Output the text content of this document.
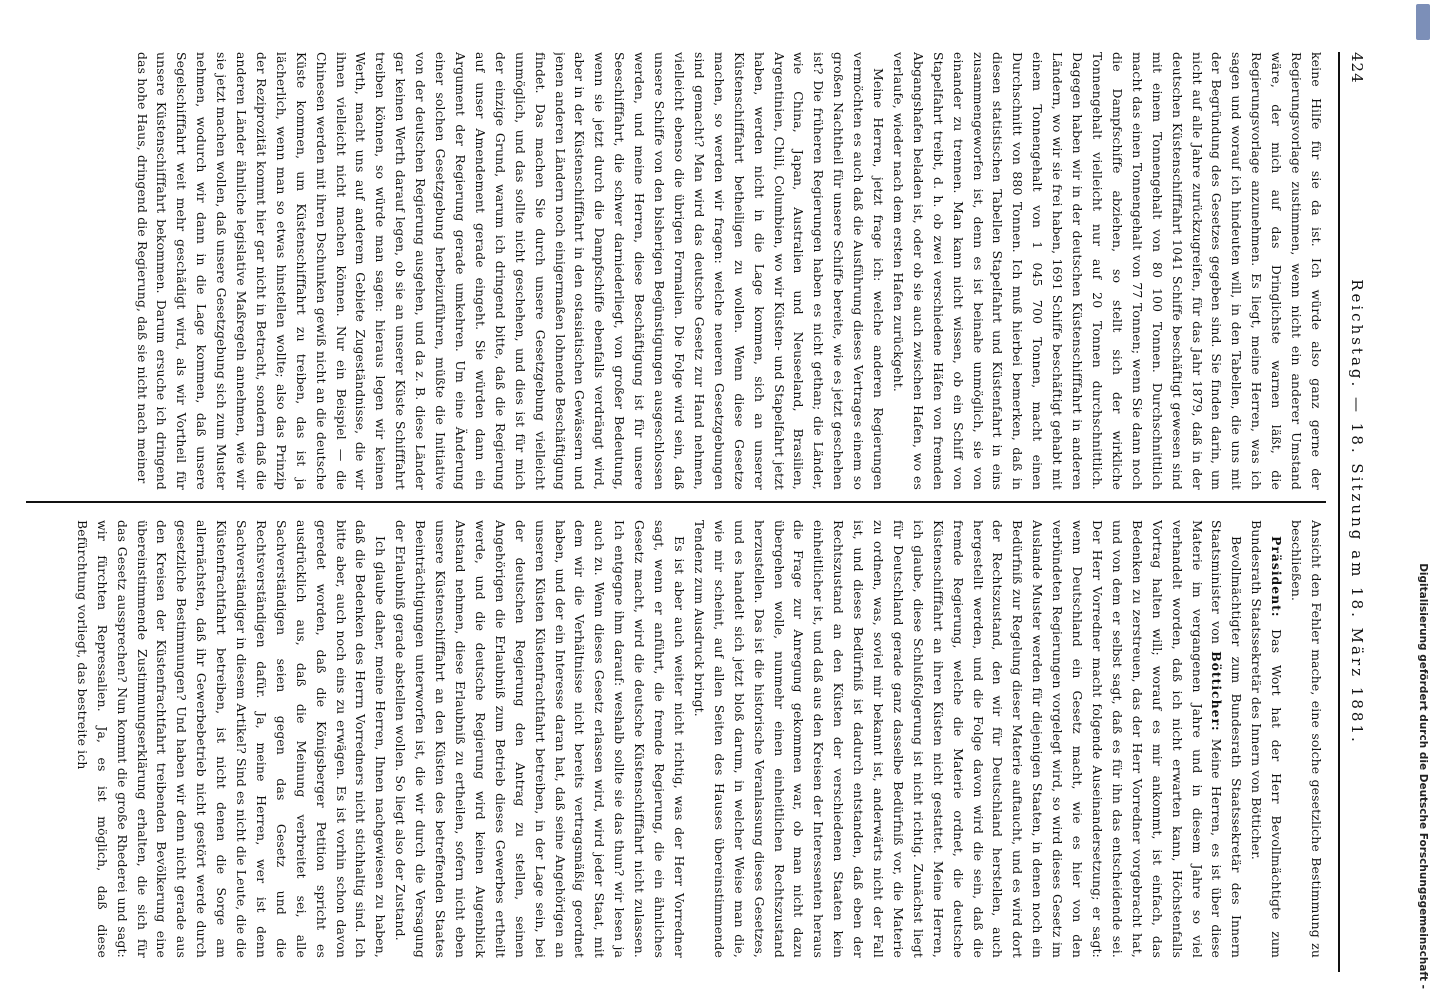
424
Reichstag. — 18. Sitzung am 18. März 1881.

keine Hilfe für sie da ist. Ich würde also ganz gerne der Regierungsvorlage zustimmen, wenn nicht ein anderer Umstand wäre, der mich auf das Dringlichste warnen läßt, die Regierungsvorlage anzunehmen. Es liegt, meine Herren, was ich sagen und worauf ich hindeuten will, in den Tabellen, die uns mit der Begründung des Gesetzes gegeben sind. Sie finden darin, um nicht auf alle Jahre zurückzugreifen, für das Jahr 1879, daß in der deutschen Küstenschifffahrt 1041 Schiffe beschäftigt gewesen sind mit einem Tonnengehalt von 80 100 Tonnen. Durchschnittlich macht das einen Tonnengehalt von 77 Tonnen; wenn Sie dann noch die Dampfschiffe abziehen, so stellt sich der wirkliche Tonnengehalt vielleicht nur auf 20 Tonnen durchschnittlich. Dagegen haben wir in der deutschen Küstenschifffahrt in anderen Ländern, wo wir sie frei haben, 1691 Schiffe beschäftigt gehabt mit einem Tonnengehalt von 1 045 700 Tonnen, macht einen Durchschnitt von 880 Tonnen. Ich muß hierbei bemerken, daß in diesen statistischen Tabellen Stapelfahrt und Küstenfahrt in eins zusammengeworfen ist, denn es ist beinahe unmöglich, sie von einander zu trennen. Man kann nicht wissen, ob ein Schiff von Stapelfahrt treibt, d. h. ob zwei verschiedene Häfen von fremden Abgangshafen beladen ist, oder ob sie auch zwischen Hafen, wo es verlaufe, wieder nach dem ersten Hafen zurückgeht.

Meine Herren, jetzt frage ich: welche anderen Regierungen vermöchten es auch daß die Ausführung dieses Vertrages einem so großen Nachtheil für unsere Schiffe bereite, wie es jetzt geschehen ist? Die früheren Regierungen haben es nicht gethan; die Länder, wie China, Japan, Australien und Neuseeland, Brasilien, Argentinien, Chili, Columbien, wo wir Küsten- und Stapelfahrt jetzt haben, werden nicht in die Lage kommen, sich an unserer Küstenschifffahrt betheiligen zu wollen. Wenn diese Gesetze machen, so werden wir fragen: welche neueren Gesetzgebungen sind gemacht? Man wird das deutsche Gesetz zur Hand nehmen, vielleicht ebenso die übrigen Formalien. Die Folge wird sein, daß unsere Schiffe von den bisherigen Begünstigungen ausgeschlossen werden, und meine Herren, diese Beschäftigung ist für unsere Seeschifffahrt, die schwer darniederliegt, von großer Bedeutung, wenn sie jetzt durch die Dampfschiffe ebenfalls verdrängt wird, aber in der Küstenschifffahrt in den ostasiatischen Gewässern und jenen anderen Ländern noch einigermaßen lohnende Beschäftigung findet. Das machen Sie durch unsere Gesetzgebung vielleicht unmöglich, und das sollte nicht geschehen, und dies ist für mich der einzige Grund, warum ich dringend bitte, daß die Regierung auf unser Amendement gerade eingeht. Sie würden dann ein Argument der Regierung gerade umkehren. Um eine Änderung einer solchen Gesetzgebung herbeizuführen, müßte die Initiative von der deutschen Regierung ausgehen, und da z. B. diese Länder gar keinen Werth darauf legen, ob sie an unserer Küste Schifffahrt treiben können, so würde man sagen: hieraus legen wir keinen Werth, macht uns auf anderem Gebiete Zugeständnisse, die wir ihnen vielleicht nicht machen können. Nur ein Beispiel — die Chinesen werden mit ihren Dschunken gewiß nicht an die deutsche Küste kommen, um Küstenschifffahrt zu treiben, das ist ja lächerlich, wenn man so etwas hinstellen wollte; also das Prinzip der Reziprozität kommt hier gar nicht in Betracht, sondern daß die anderen Länder ähnliche legislative Maßregeln annehmen, wie wir sie jetzt machen wollen, daß unsere Gesetzgebung sich zum Muster nehmen, wodurch wir dann in die Lage kommen, daß unsere Segelschifffahrt weit mehr geschädigt wird, als wir Vortheil für unsere Küstenschifffahrt bekommen. Darum ersuche ich dringend das hohe Haus, dringend die Regierung, daß sie nicht nach meiner

Ansicht den Fehler mache, eine solche gesetzliche Bestimmung zu beschließen.

Präsident: Das Wort hat der Herr Bevollmächtigte zum Bundesrath Staatssekretär des Innern von Bötticher.

Bevollmächtigter zum Bundesrath Staatssekretär des Innern Staatsminister von Bötticher: Meine Herren, es ist über diese Materie im vergangenen Jahre und in diesem Jahre so viel verhandelt worden, daß ich nicht erwarten kann, Höchstenfalls Vortrag halten will; worauf es mir ankommt, ist einfach, das Bedenken zu zerstreuen, das der Herr Vorredner vorgebracht hat, und von dem er selbst sagt, daß es für ihn das entscheidende sei. Der Herr Vorredner macht folgende Auseinandersetzung; er sagt: wenn Deutschland ein Gesetz macht, wie es hier von den verbündeten Regierungen vorgelegt wird, so wird dieses Gesetz im Auslande Muster werden für diejenigen Staaten, in denen noch ein Bedürfniß zur Regelung dieser Materie auftaucht, und es wird dort der Rechtszustand, den wir für Deutschland herstellen, auch hergestellt werden, und die Folge davon wird die sein, daß die fremde Regierung, welche die Materie ordnet, die deutsche Küstenschifffahrt an ihren Küsten nicht gestattet. Meine Herren, ich glaube, diese Schlußfolgerung ist nicht richtig. Zunächst liegt für Deutschland gerade ganz dasselbe Bedürfniß vor, die Materie zu ordnen, was, soviel mir bekannt ist, anderwärts nicht der Fall ist, und dieses Bedürfniß ist dadurch entstanden, daß eben der Rechtszustand an den Küsten der verschiedenen Staaten kein einheitlicher ist, und daß aus den Kreisen der Interessenten heraus die Frage zur Anregung gekommen war, ob man nicht dazu übergehen wolle, nunmehr einen einheitlichen Rechtszustand herzustellen. Das ist die historische Veranlassung dieses Gesetzes, und es handelt sich jetzt bloß darum, in welcher Weise man die, wie mir scheint, auf allen Seiten des Hauses übereinstimmende Tendenz zum Ausdruck bringt.

Es ist aber auch weiter nicht richtig, was der Herr Vorredner sagt, wenn er anführt, die fremde Regierung, die ein ähnliches Gesetz macht, wird die deutsche Küstenschifffahrt nicht zulassen. Ich entgegne ihm darauf: weshalb sollte sie das thun? wir lesen ja auch zu. Wenn dieses Gesetz erlassen wird, wird jeder Staat, mit dem wir die Verhältnisse nicht bereits vertragsmäßig geordnet haben, und der ein Interesse daran hat, daß seine Angehörigen an unseren Küsten Küstenfrachtfahrt betreiben, in der Lage sein, bei der deutschen Regierung den Antrag zu stellen, seinen Angehörigen die Erlaubniß zum Betrieb dieses Gewerbes ertheilt werde, und die deutsche Regierung wird keinen Augenblick Anstand nehmen, diese Erlaubniß zu ertheilen, sofern nicht eben unsere Küstenschifffahrt an den Küsten des betreffenden Staates Beeinträchtigungen unterworfen ist, die wir durch die Versagung der Erlaubniß gerade abstellen wollen. So liegt also der Zustand.

Ich glaube daher, meine Herren, Ihnen nachgewiesen zu haben, daß die Bedenken des Herrn Vorredners nicht stichhaltig sind. Ich bitte aber, auch noch eins zu erwägen. Es ist vorhin schon davon geredet worden, daß die Königsberger Petition spricht es ausdrücklich aus, daß die Meinung verbreitet sei, alle Sachverständigen seien gegen das Gesetz und die Rechtsverständigen dafür. Ja, meine Herren, wer ist denn Sachverständiger in diesem Artikel? Sind es nicht die Leute, die die Küstenfrachtfahrt betreiben, ist nicht denen die Sorge am allernächsten, daß ihr Gewerbebetrieb nicht gestört werde durch gesetzliche Bestimmungen? Und haben wir denn nicht gerade aus den Kreisen der Küstenfrachtfahrt treibenden Bevölkerung eine übereinstimmende Zustimmungserklärung erhalten, die sich für das Gesetz aussprechen? Nun kommt die große Rhederei und sagt: wir fürchten Repressalien. Ja, es ist möglich, daß diese Befürchtung vorliegt, das bestreite ich	Digitalisierung gefördert durch die Deutsche Forschungsgemeinschaft -
